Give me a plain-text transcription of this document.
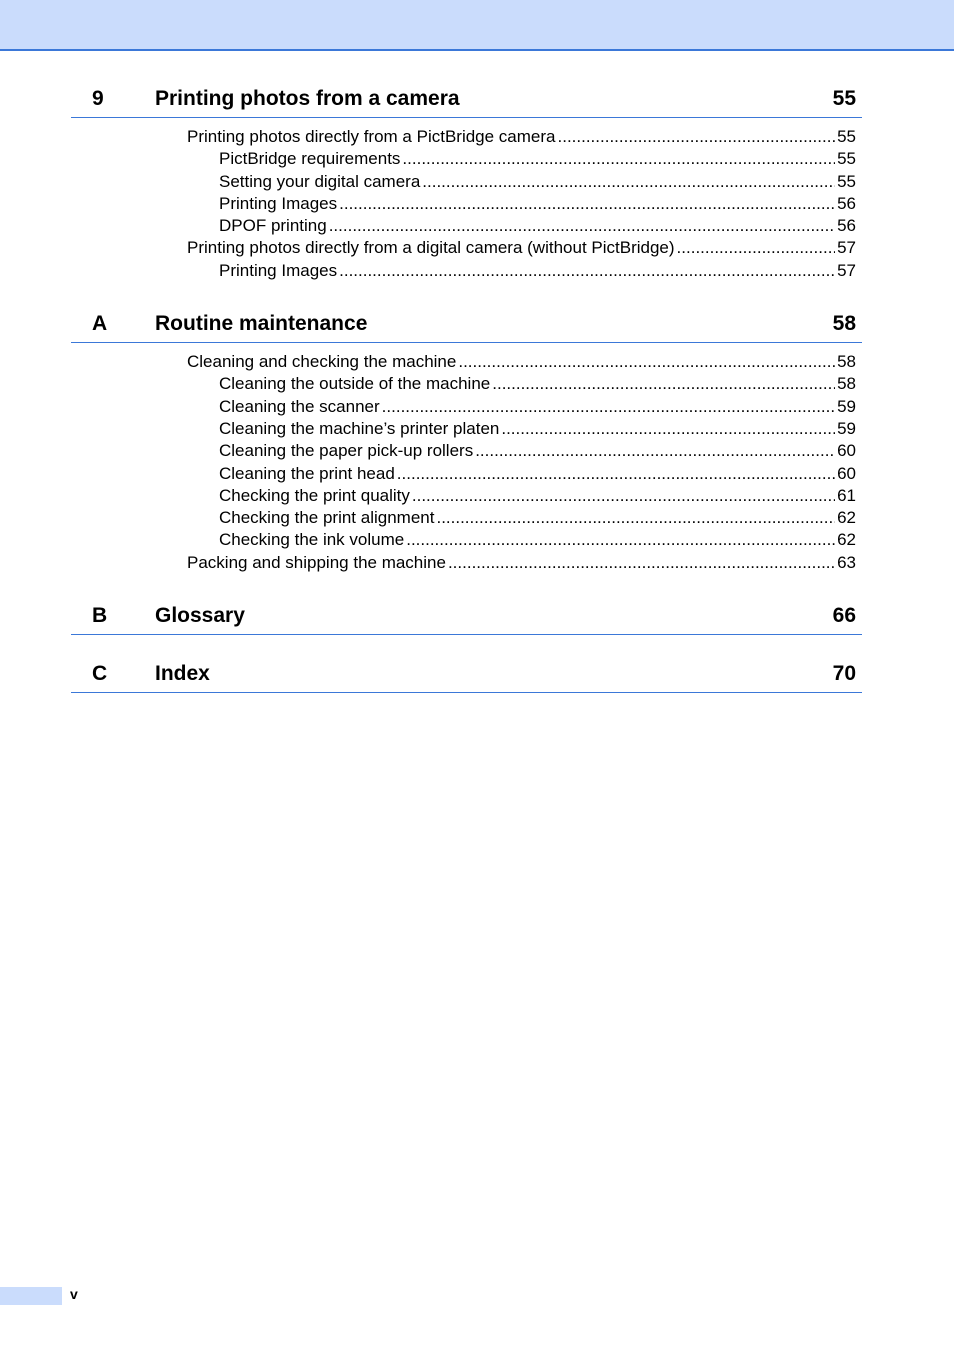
9 Printing photos from a camera	55
Printing photos directly from a PictBridge camera .....	55
PictBridge requirements .....	55
Setting your digital camera .....	55
Printing Images .....	56
DPOF printing .....	56
Printing photos directly from a digital camera (without PictBridge) .....	57
Printing Images .....	57
A Routine maintenance	58
Cleaning and checking the machine .....	58
Cleaning the outside of the machine .....	58
Cleaning the scanner .....	59
Cleaning the machine’s printer platen .....	59
Cleaning the paper pick-up rollers .....	60
Cleaning the print head .....	60
Checking the print quality .....	61
Checking the print alignment .....	62
Checking the ink volume .....	62
Packing and shipping the machine .....	63
B Glossary	66
C Index	70
v
